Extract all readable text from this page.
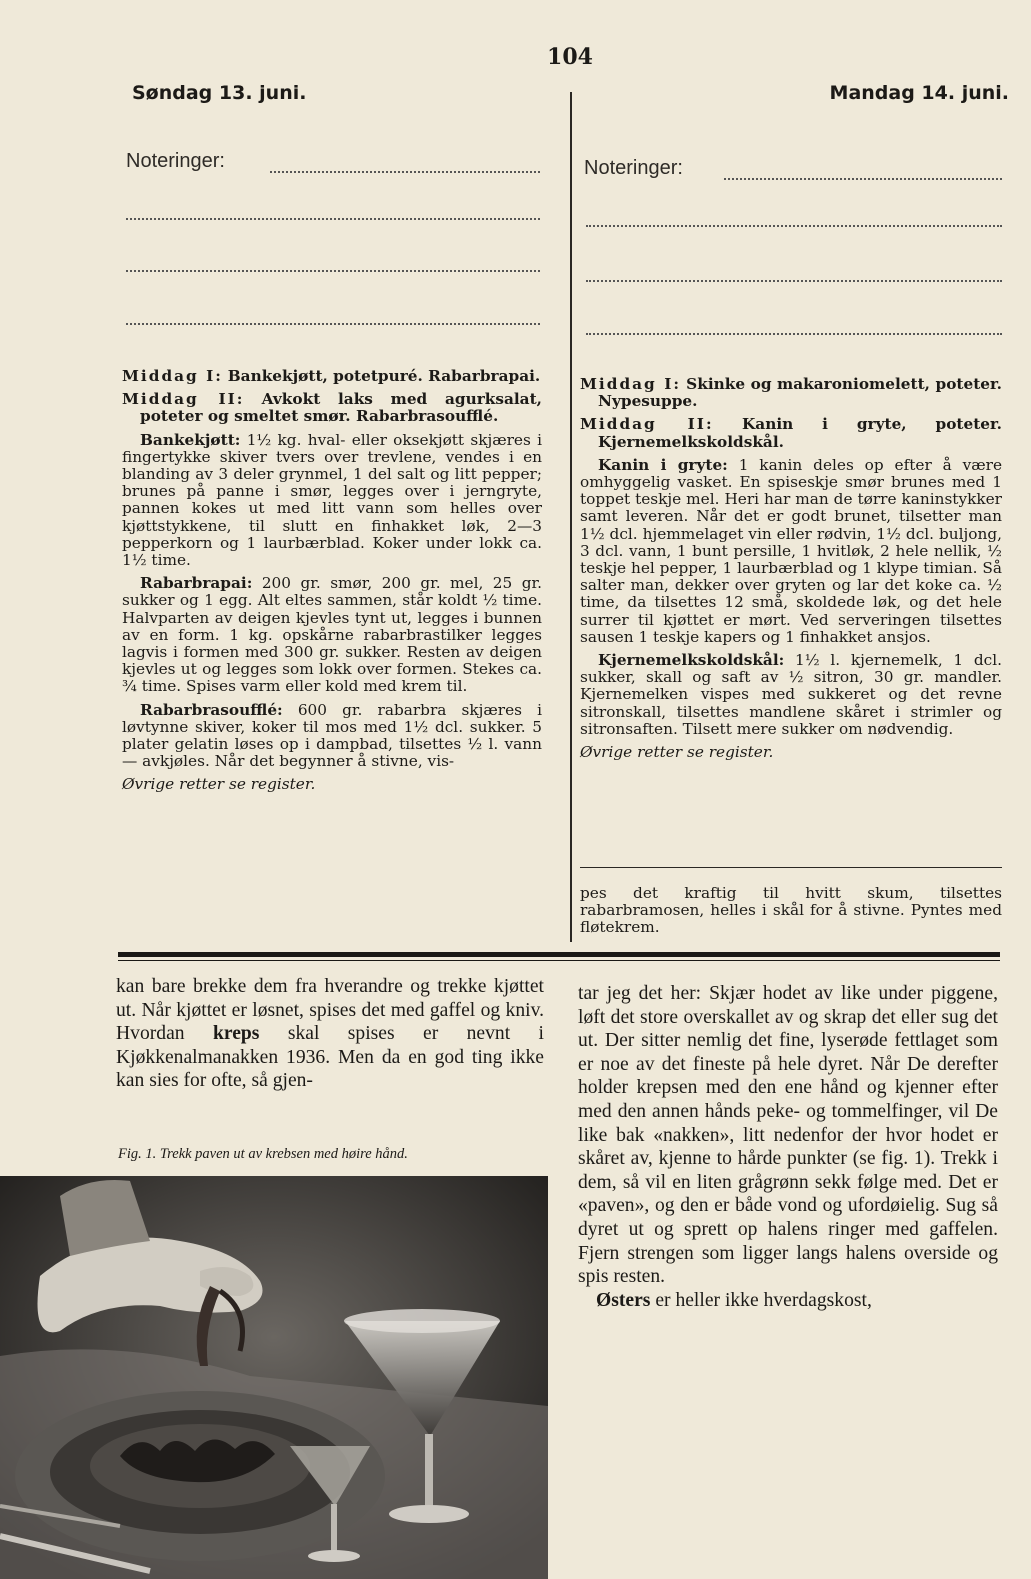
104
Søndag 13. juni.	Mandag 14. juni.
Noteringer:	Noteringer:

Middag I: Bankekjøtt, potetpuré. Rabarbrapai.

Middag II: Avkokt laks med agurksalat, poteter og smeltet smør. Rabarbrasoufflé.

Bankekjøtt: 1½ kg. hval- eller oksekjøtt skjæres i fingertykke skiver tvers over trevlene, vendes i en blanding av 3 deler grynmel, 1 del salt og litt pepper; brunes på panne i smør, legges over i jerngryte, pannen kokes ut med litt vann som helles over kjøttstykkene, til slutt en finhakket løk, 2—3 pepperkorn og 1 laurbærblad. Koker under lokk ca. 1½ time.

Rabarbrapai: 200 gr. smør, 200 gr. mel, 25 gr. sukker og 1 egg. Alt eltes sammen, står koldt ½ time. Halvparten av deigen kjevles tynt ut, legges i bunnen av en form. 1 kg. opskårne rabarbrastilker legges lagvis i formen med 300 gr. sukker. Resten av deigen kjevles ut og legges som lokk over formen. Stekes ca. ¾ time. Spises varm eller kold med krem til.

Rabarbrasoufflé: 600 gr. rabarbra skjæres i løvtynne skiver, koker til mos med 1½ dcl. sukker. 5 plater gelatin løses op i dampbad, tilsettes ½ l. vann — avkjøles. Når det begynner å stivne, vis-

Øvrige retter se register.

Middag I: Skinke og makaroniomelett, poteter. Nypesuppe.

Middag II: Kanin i gryte, poteter. Kjernemelkskoldskål.

Kanin i gryte: 1 kanin deles op efter å være omhyggelig vasket. En spiseskje smør brunes med 1 toppet teskje mel. Heri har man de tørre kaninstykker samt leveren. Når det er godt brunet, tilsetter man 1½ dcl. hjemmelaget vin eller rødvin, 1½ dcl. buljong, 3 dcl. vann, 1 bunt persille, 1 hvitløk, 2 hele nellik, ½ teskje hel pepper, 1 laurbærblad og 1 klype timian. Så salter man, dekker over gryten og lar det koke ca. ½ time, da tilsettes 12 små, skoldede løk, og det hele surrer til kjøttet er mørt. Ved serveringen tilsettes sausen 1 teskje kapers og 1 finhakket ansjos.

Kjernemelkskoldskål: 1½ l. kjernemelk, 1 dcl. sukker, skall og saft av ½ sitron, 30 gr. mandler. Kjernemelken vispes med sukkeret og det revne sitronskall, tilsettes mandlene skåret i strimler og sitronsaften. Tilsett mere sukker om nødvendig.

Øvrige retter se register.

pes det kraftig til hvitt skum, tilsettes rabarbramosen, helles i skål for å stivne. Pyntes med fløtekrem.

kan bare brekke dem fra hverandre og trekke kjøttet ut. Når kjøttet er løsnet, spises det med gaffel og kniv. Hvordan kreps skal spises er nevnt i Kjøkkenalmanakken 1936. Men da en god ting ikke kan sies for ofte, så gjen-

Fig. 1. Trekk paven ut av krebsen med høire hånd.

tar jeg det her: Skjær hodet av like under piggene, løft det store overskallet av og skrap det eller sug det ut. Der sitter nemlig det fine, lyserøde fettlaget som er noe av det fineste på hele dyret. Når De derefter holder krepsen med den ene hånd og kjenner efter med den annen hånds peke- og tommelfinger, vil De like bak «nakken», litt nedenfor der hvor hodet er skåret av, kjenne to hårde punkter (se fig. 1). Trekk i dem, så vil en liten grågrønn sekk følge med. Det er «paven», og den er både vond og ufordøielig. Sug så dyret ut og sprett op halens ringer med gaffelen. Fjern strengen som ligger langs halens overside og spis resten.

Østers er heller ikke hverdagskost,
